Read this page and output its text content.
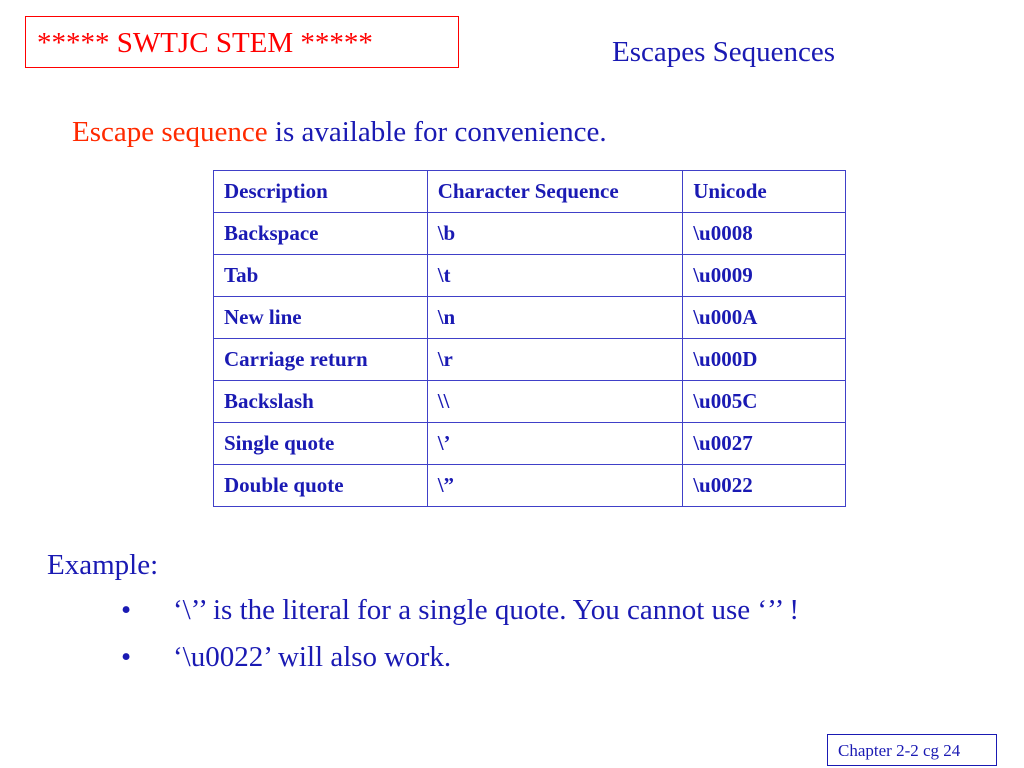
***** SWTJC STEM *****	Escapes Sequences
Escape sequence is available for convenience.
Description	Character Sequence	Unicode
Backspace	\b	\u0008
Tab	\t	\u0009
New line	\n	\u000A
Carriage return	\r	\u000D
Backslash	\\	\u005C
Single quote	\’	\u0027
Double quote	\”	\u0022
Example:
• ‘\’’ is the literal for a single quote. You cannot use ‘’’ !
• ‘\u0022’ will also work.
Chapter 2-2 cg 24
